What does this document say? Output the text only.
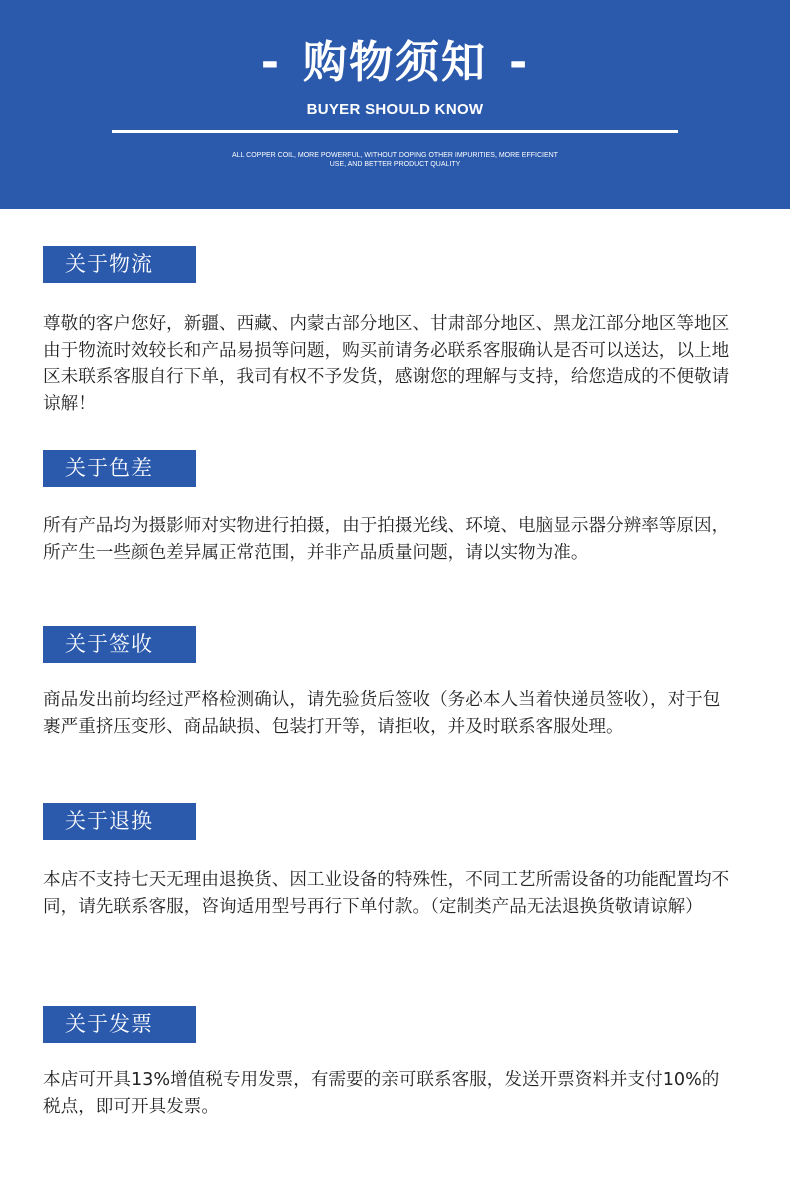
- 购物须知 -
BUYER SHOULD KNOW
ALL COPPER COIL, MORE POWERFUL, WITHOUT DOPING OTHER IMPURITIES, MORE EFFICIENT
USE, AND BETTER PRODUCT QUALITY
关于物流

尊敬的客户您好，新疆、西藏、内蒙古部分地区、甘肃部分地区、黑龙江部分地区等地区由于物流时效较长和产品易损等问题，购买前请务必联系客服确认是否可以送达，以上地区未联系客服自行下单，我司有权不予发货，感谢您的理解与支持，给您造成的不便敬请谅解！

关于色差

所有产品均为摄影师对实物进行拍摄，由于拍摄光线、环境、电脑显示器分辨率等原因，所产生一些颜色差异属正常范围，并非产品质量问题，请以实物为准。

关于签收

商品发出前均经过严格检测确认，请先验货后签收（务必本人当着快递员签收），对于包裹严重挤压变形、商品缺损、包装打开等，请拒收，并及时联系客服处理。

关于退换

本店不支持七天无理由退换货、因工业设备的特殊性，不同工艺所需设备的功能配置均不同，请先联系客服，咨询适用型号再行下单付款。（定制类产品无法退换货敬请谅解）

关于发票

本店可开具13%增值税专用发票，有需要的亲可联系客服，发送开票资料并支付10%的税点，即可开具发票。
